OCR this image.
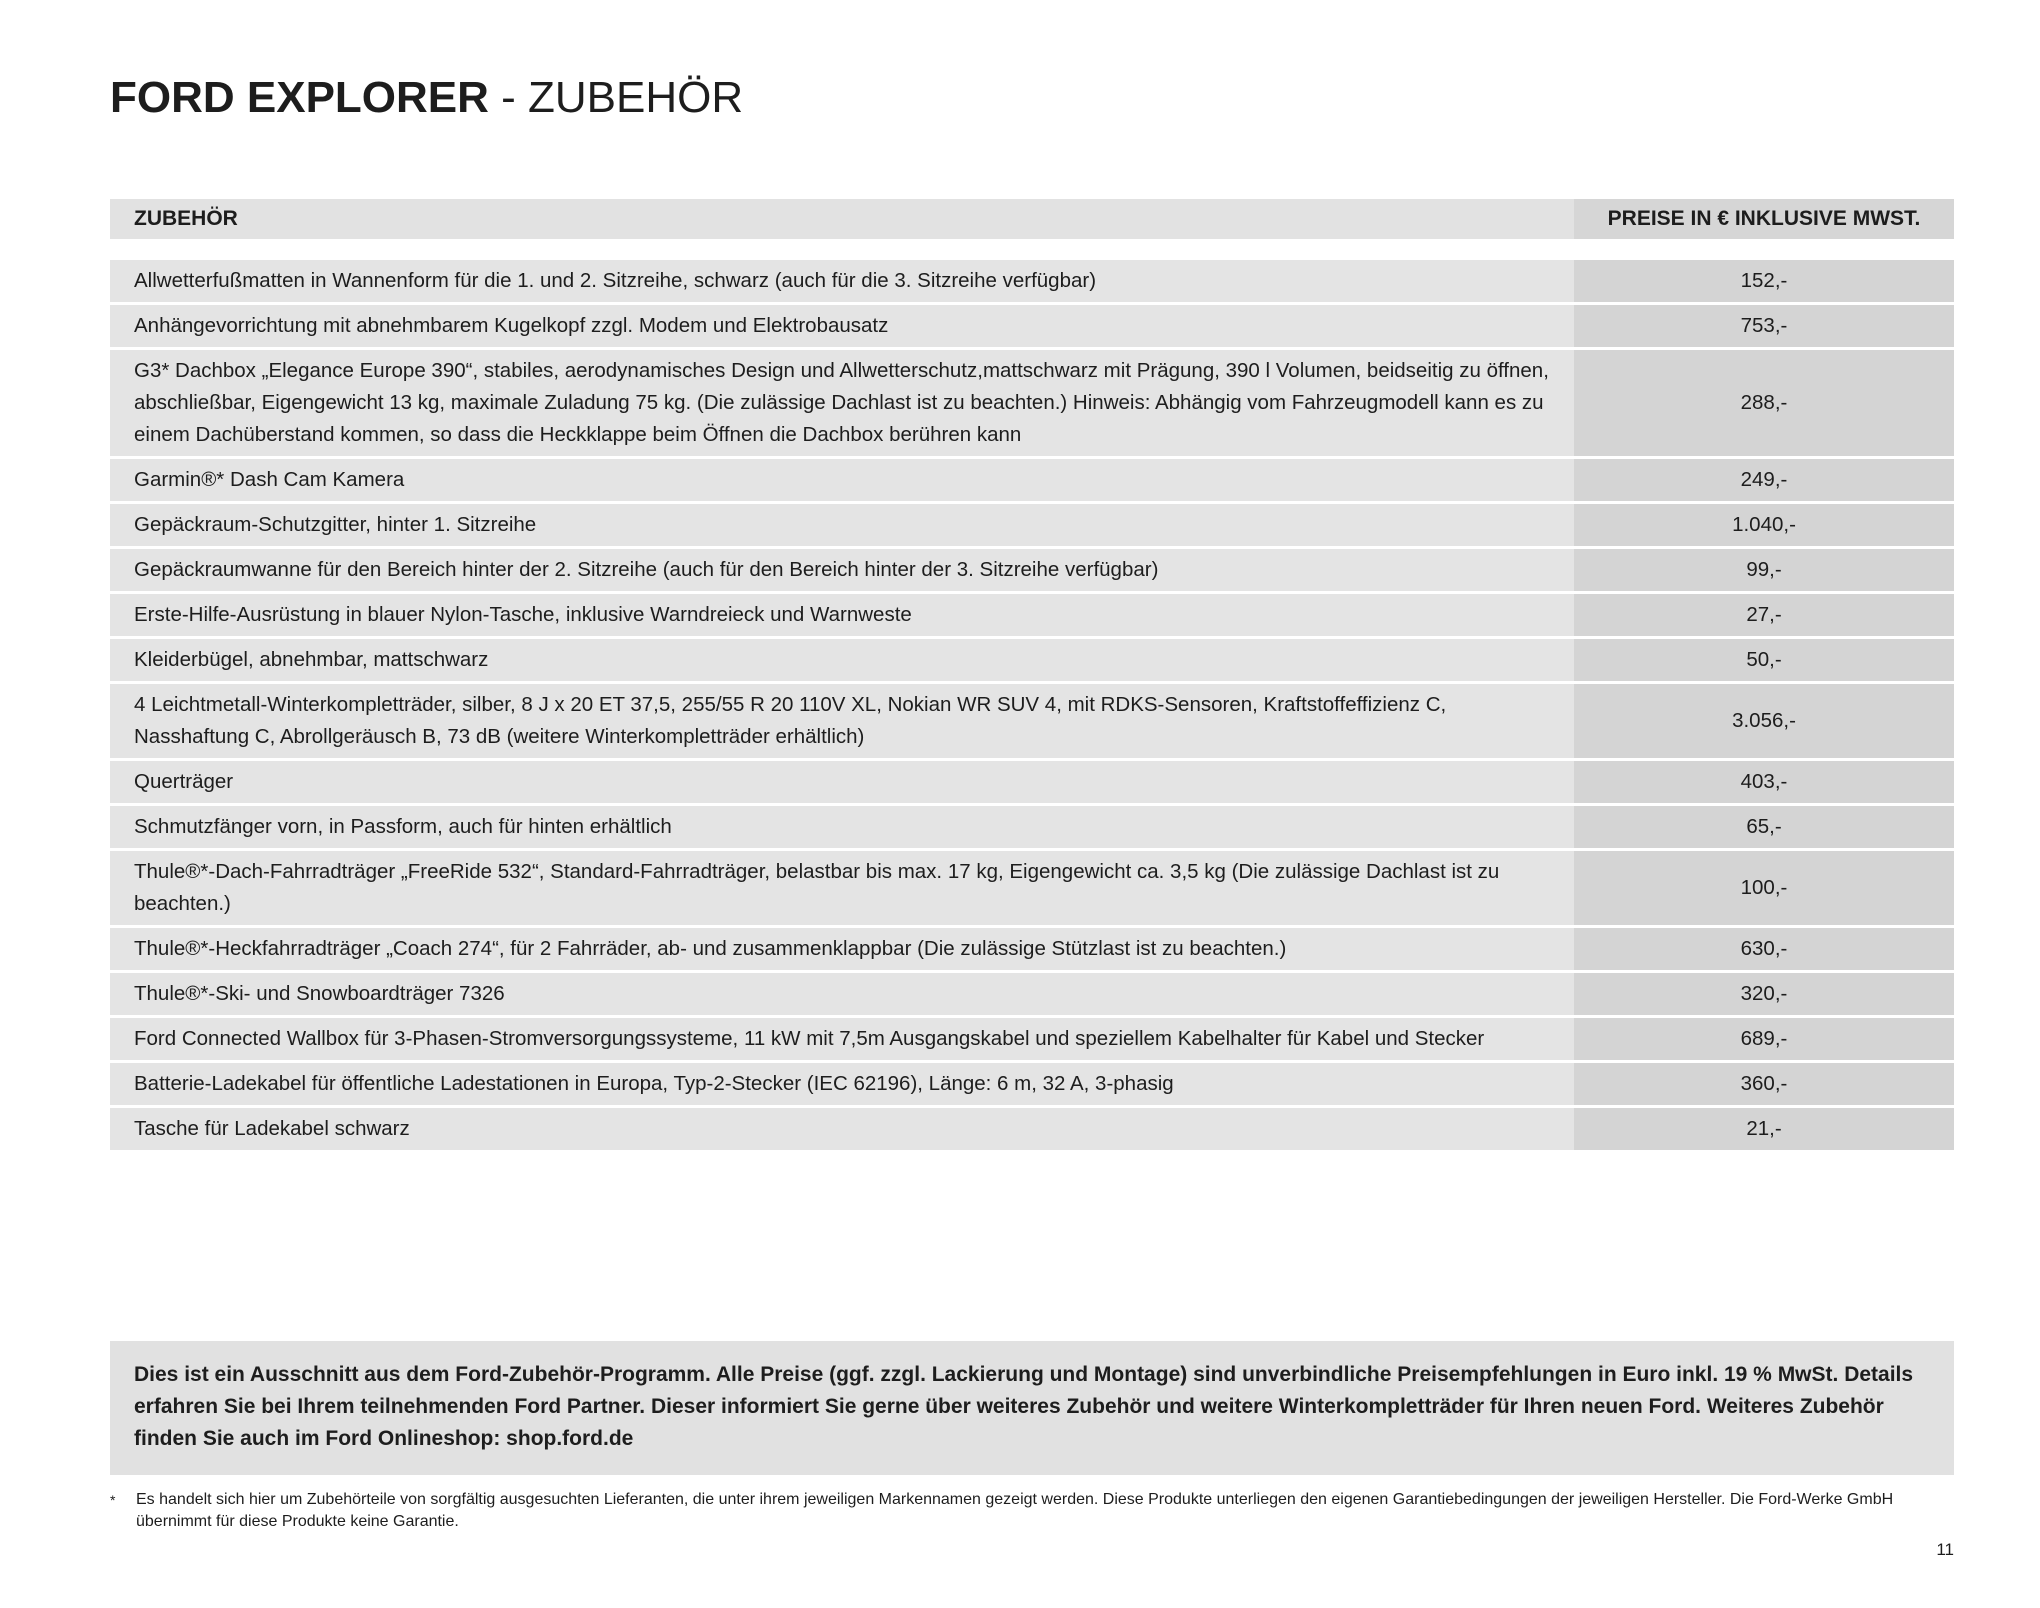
FORD EXPLORER - ZUBEHÖR
ZUBEHÖR	PREISE IN € INKLUSIVE MWST.
Allwetterfußmatten in Wannenform für die 1. und 2. Sitzreihe, schwarz (auch für die 3. Sitzreihe verfügbar)	152,-
Anhängevorrichtung mit abnehmbarem Kugelkopf zzgl. Modem und Elektrobausatz	753,-
G3* Dachbox „Elegance Europe 390“, stabiles, aerodynamisches Design und Allwetterschutz,mattschwarz mit Prägung, 390 l Volumen, beidseitig zu öffnen, abschließbar, Eigengewicht 13 kg, maximale Zuladung 75 kg. (Die zulässige Dachlast ist zu beachten.) Hinweis: Abhängig vom Fahrzeugmodell kann es zu einem Dachüberstand kommen, so dass die Heckklappe beim Öffnen die Dachbox berühren kann
288,-
Garmin®* Dash Cam Kamera	249,-
Gepäckraum-Schutzgitter, hinter 1. Sitzreihe	1.040,-
Gepäckraumwanne für den Bereich hinter der 2. Sitzreihe (auch für den Bereich hinter der 3. Sitzreihe verfügbar)	99,-
Erste-Hilfe-Ausrüstung in blauer Nylon-Tasche, inklusive Warndreieck und Warnweste	27,-
Kleiderbügel, abnehmbar, mattschwarz	50,-
4 Leichtmetall-Winterkompletträder, silber, 8 J x 20 ET 37,5, 255/55 R 20 110V XL, Nokian WR SUV 4, mit RDKS-Sensoren, Kraftstoffeffizienz C, Nasshaftung C, Abrollgeräusch B, 73 dB (weitere Winterkompletträder erhältlich)
3.056,-
Querträger	403,-
Schmutzfänger vorn, in Passform, auch für hinten erhältlich	65,-
Thule®*-Dach-Fahrradträger „FreeRide 532“, Standard-Fahrradträger, belastbar bis max. 17 kg, Eigengewicht ca. 3,5 kg (Die zulässige Dachlast ist zu beachten.)
100,-
Thule®*-Heckfahrradträger „Coach 274“, für 2 Fahrräder, ab- und zusammenklappbar (Die zulässige Stützlast ist zu beachten.)	630,-
Thule®*-Ski- und Snowboardträger 7326	320,-
Ford Connected Wallbox für 3-Phasen-Stromversorgungssysteme, 11 kW mit 7,5m Ausgangskabel und speziellem Kabelhalter für Kabel und Stecker	689,-
Batterie-Ladekabel für öffentliche Ladestationen in Europa, Typ-2-Stecker (IEC 62196), Länge: 6 m, 32 A, 3-phasig	360,-
Tasche für Ladekabel schwarz	21,-
Dies ist ein Ausschnitt aus dem Ford-Zubehör-Programm. Alle Preise (ggf. zzgl. Lackierung und Montage) sind unverbindliche Preisempfehlungen in Euro inkl. 19 % MwSt. Details erfahren Sie bei Ihrem teilnehmenden Ford Partner. Dieser informiert Sie gerne über weiteres Zubehör und weitere Winterkompletträder für Ihren neuen Ford. Weiteres Zubehör finden Sie auch im Ford Onlineshop: shop.ford.de
*	Es handelt sich hier um Zubehörteile von sorgfältig ausgesuchten Lieferanten, die unter ihrem jeweiligen Markennamen gezeigt werden. Diese Produkte unterliegen den eigenen Garantiebedingungen der jeweiligen Hersteller. Die Ford-Werke GmbH übernimmt für diese Produkte keine Garantie.
11
